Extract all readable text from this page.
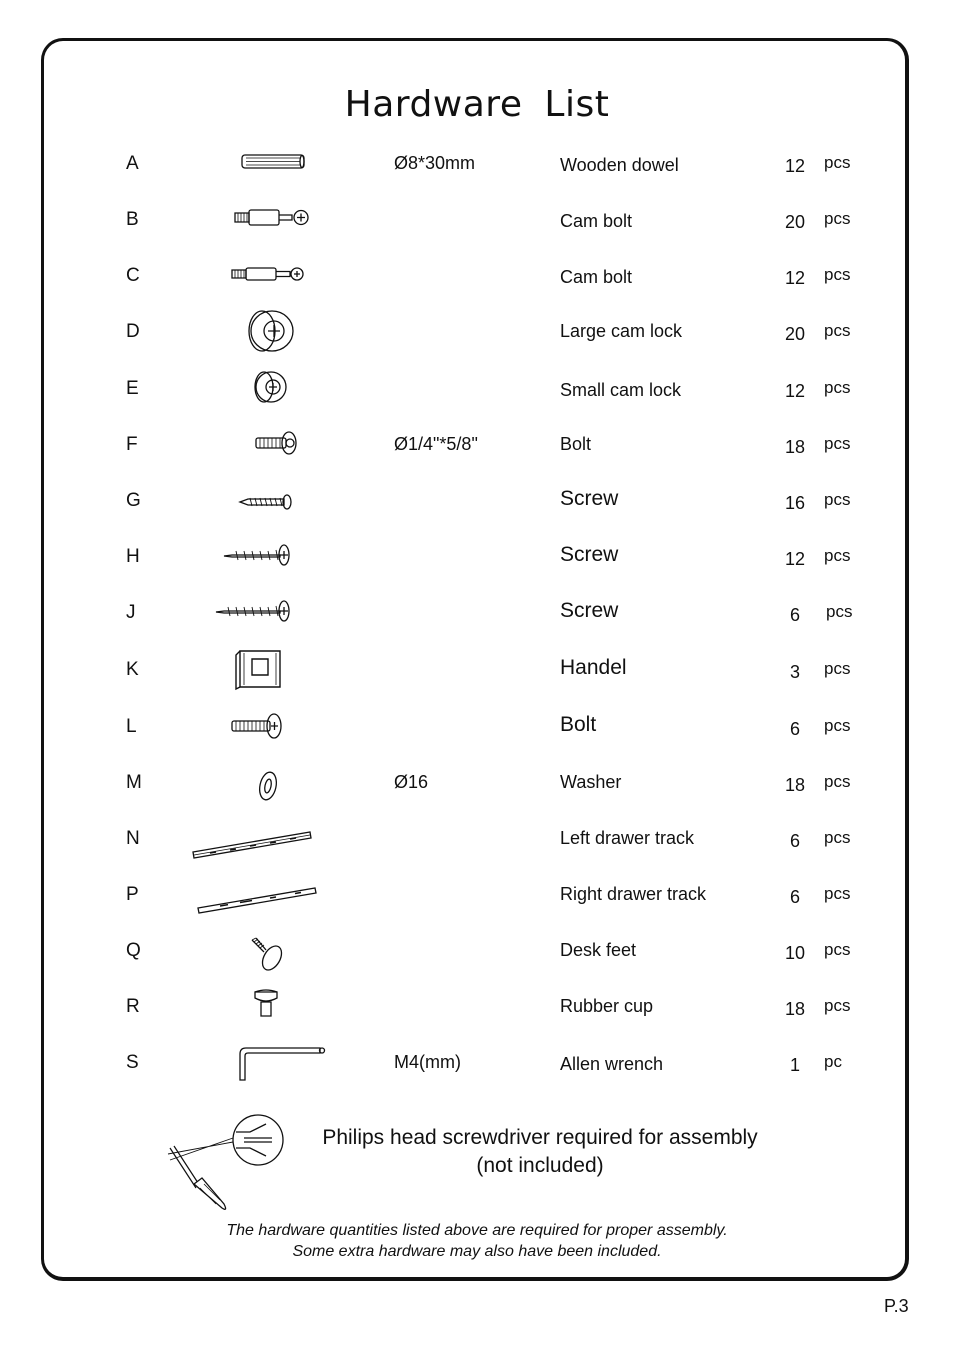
Hardware List
A	Ø8*30mm	Wooden dowel	12	pcs
B	Cam bolt	20	pcs
C	Cam bolt	12	pcs
D	Large cam lock	20	pcs
E	Small cam lock	12	pcs
F	Ø1/4"*5/8"	Bolt	18	pcs
G	Screw	16	pcs
H	Screw	12	pcs
J	Screw	6	pcs
K	Handel	3	pcs
L	Bolt	6	pcs
M	Ø16	Washer	18	pcs
N	Left drawer track	6	pcs
P	Right drawer track	6	pcs
Q	Desk feet	10	pcs
R	Rubber cup	18	pcs
S	M4(mm)	Allen wrench	1	pc
Philips head screwdriver required for assembly
(not included)
The hardware quantities listed above are required for proper assembly.
Some extra hardware may also have been included.
P.3
